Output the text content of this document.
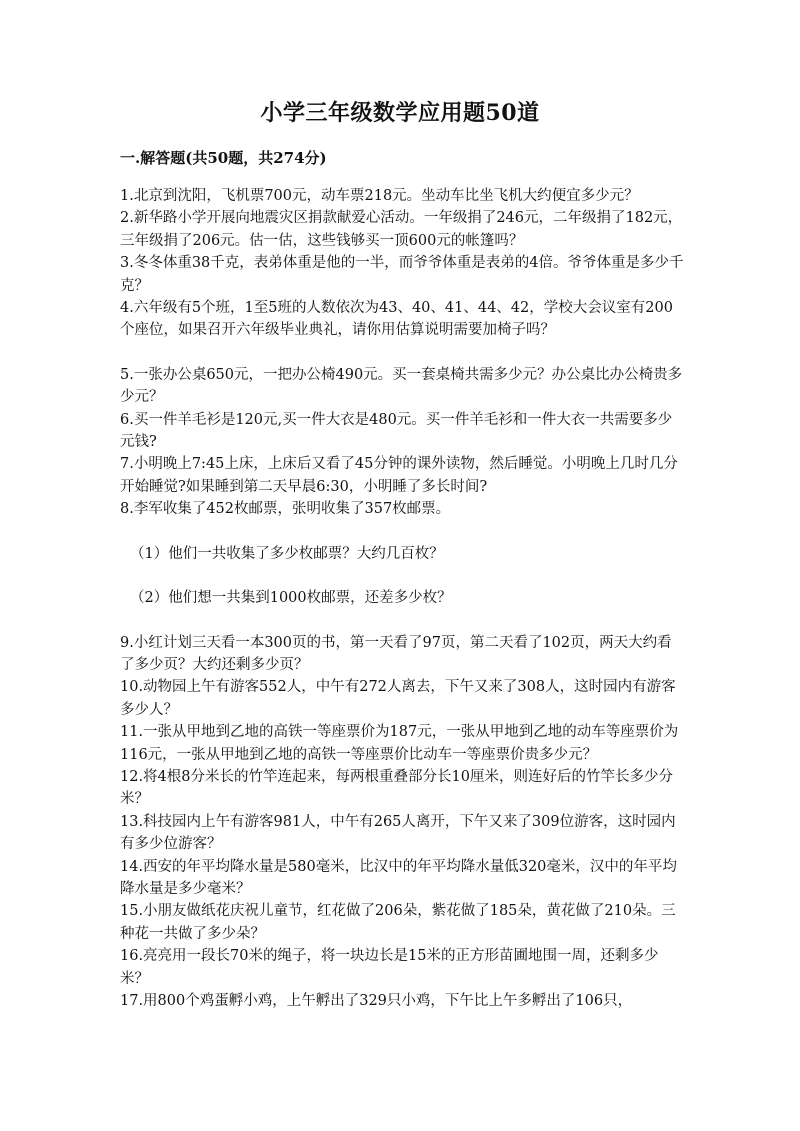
小学三年级数学应用题50道
一.解答题(共50题，共274分)

1.北京到沈阳，飞机票700元，动车票218元。坐动车比坐飞机大约便宜多少元？

2.新华路小学开展向地震灾区捐款献爱心活动。一年级捐了246元，二年级捐了182元，三年级捐了206元。估一估，这些钱够买一顶600元的帐篷吗？

3.冬冬体重38千克，表弟体重是他的一半，而爷爷体重是表弟的4倍。爷爷体重是多少千克？

4.六年级有5个班，1至5班的人数依次为43、40、41、44、42，学校大会议室有200个座位，如果召开六年级毕业典礼，请你用估算说明需要加椅子吗？

5.一张办公桌650元，一把办公椅490元。买一套桌椅共需多少元？办公桌比办公椅贵多少元？

6.买一件羊毛衫是120元,买一件大衣是480元。买一件羊毛衫和一件大衣一共需要多少元钱?

7.小明晚上7:45上床，上床后又看了45分钟的课外读物，然后睡觉。小明晚上几时几分开始睡觉?如果睡到第二天早晨6:30，小明睡了多长时间?

8.李军收集了452枚邮票，张明收集了357枚邮票。

（1）他们一共收集了多少枚邮票？大约几百枚？

（2）他们想一共集到1000枚邮票，还差多少枚？

9.小红计划三天看一本300页的书，第一天看了97页，第二天看了102页，两天大约看了多少页？大约还剩多少页？

10.动物园上午有游客552人，中午有272人离去，下午又来了308人，这时园内有游客多少人？

11.一张从甲地到乙地的高铁一等座票价为187元，一张从甲地到乙地的动车等座票价为116元，一张从甲地到乙地的高铁一等座票价比动车一等座票价贵多少元？

12.将4根8分米长的竹竿连起来，每两根重叠部分长10厘米，则连好后的竹竿长多少分米？

13.科技园内上午有游客981人，中午有265人离开，下午又来了309位游客，这时园内有多少位游客？

14.西安的年平均降水量是580毫米，比汉中的年平均降水量低320毫米，汉中的年平均降水量是多少毫米？

15.小朋友做纸花庆祝儿童节，红花做了206朵，紫花做了185朵，黄花做了210朵。三种花一共做了多少朵？

16.亮亮用一段长70米的绳子，将一块边长是15米的正方形苗圃地围一周，还剩多少米？

17.用800个鸡蛋孵小鸡，上午孵出了329只小鸡，下午比上午多孵出了106只，
